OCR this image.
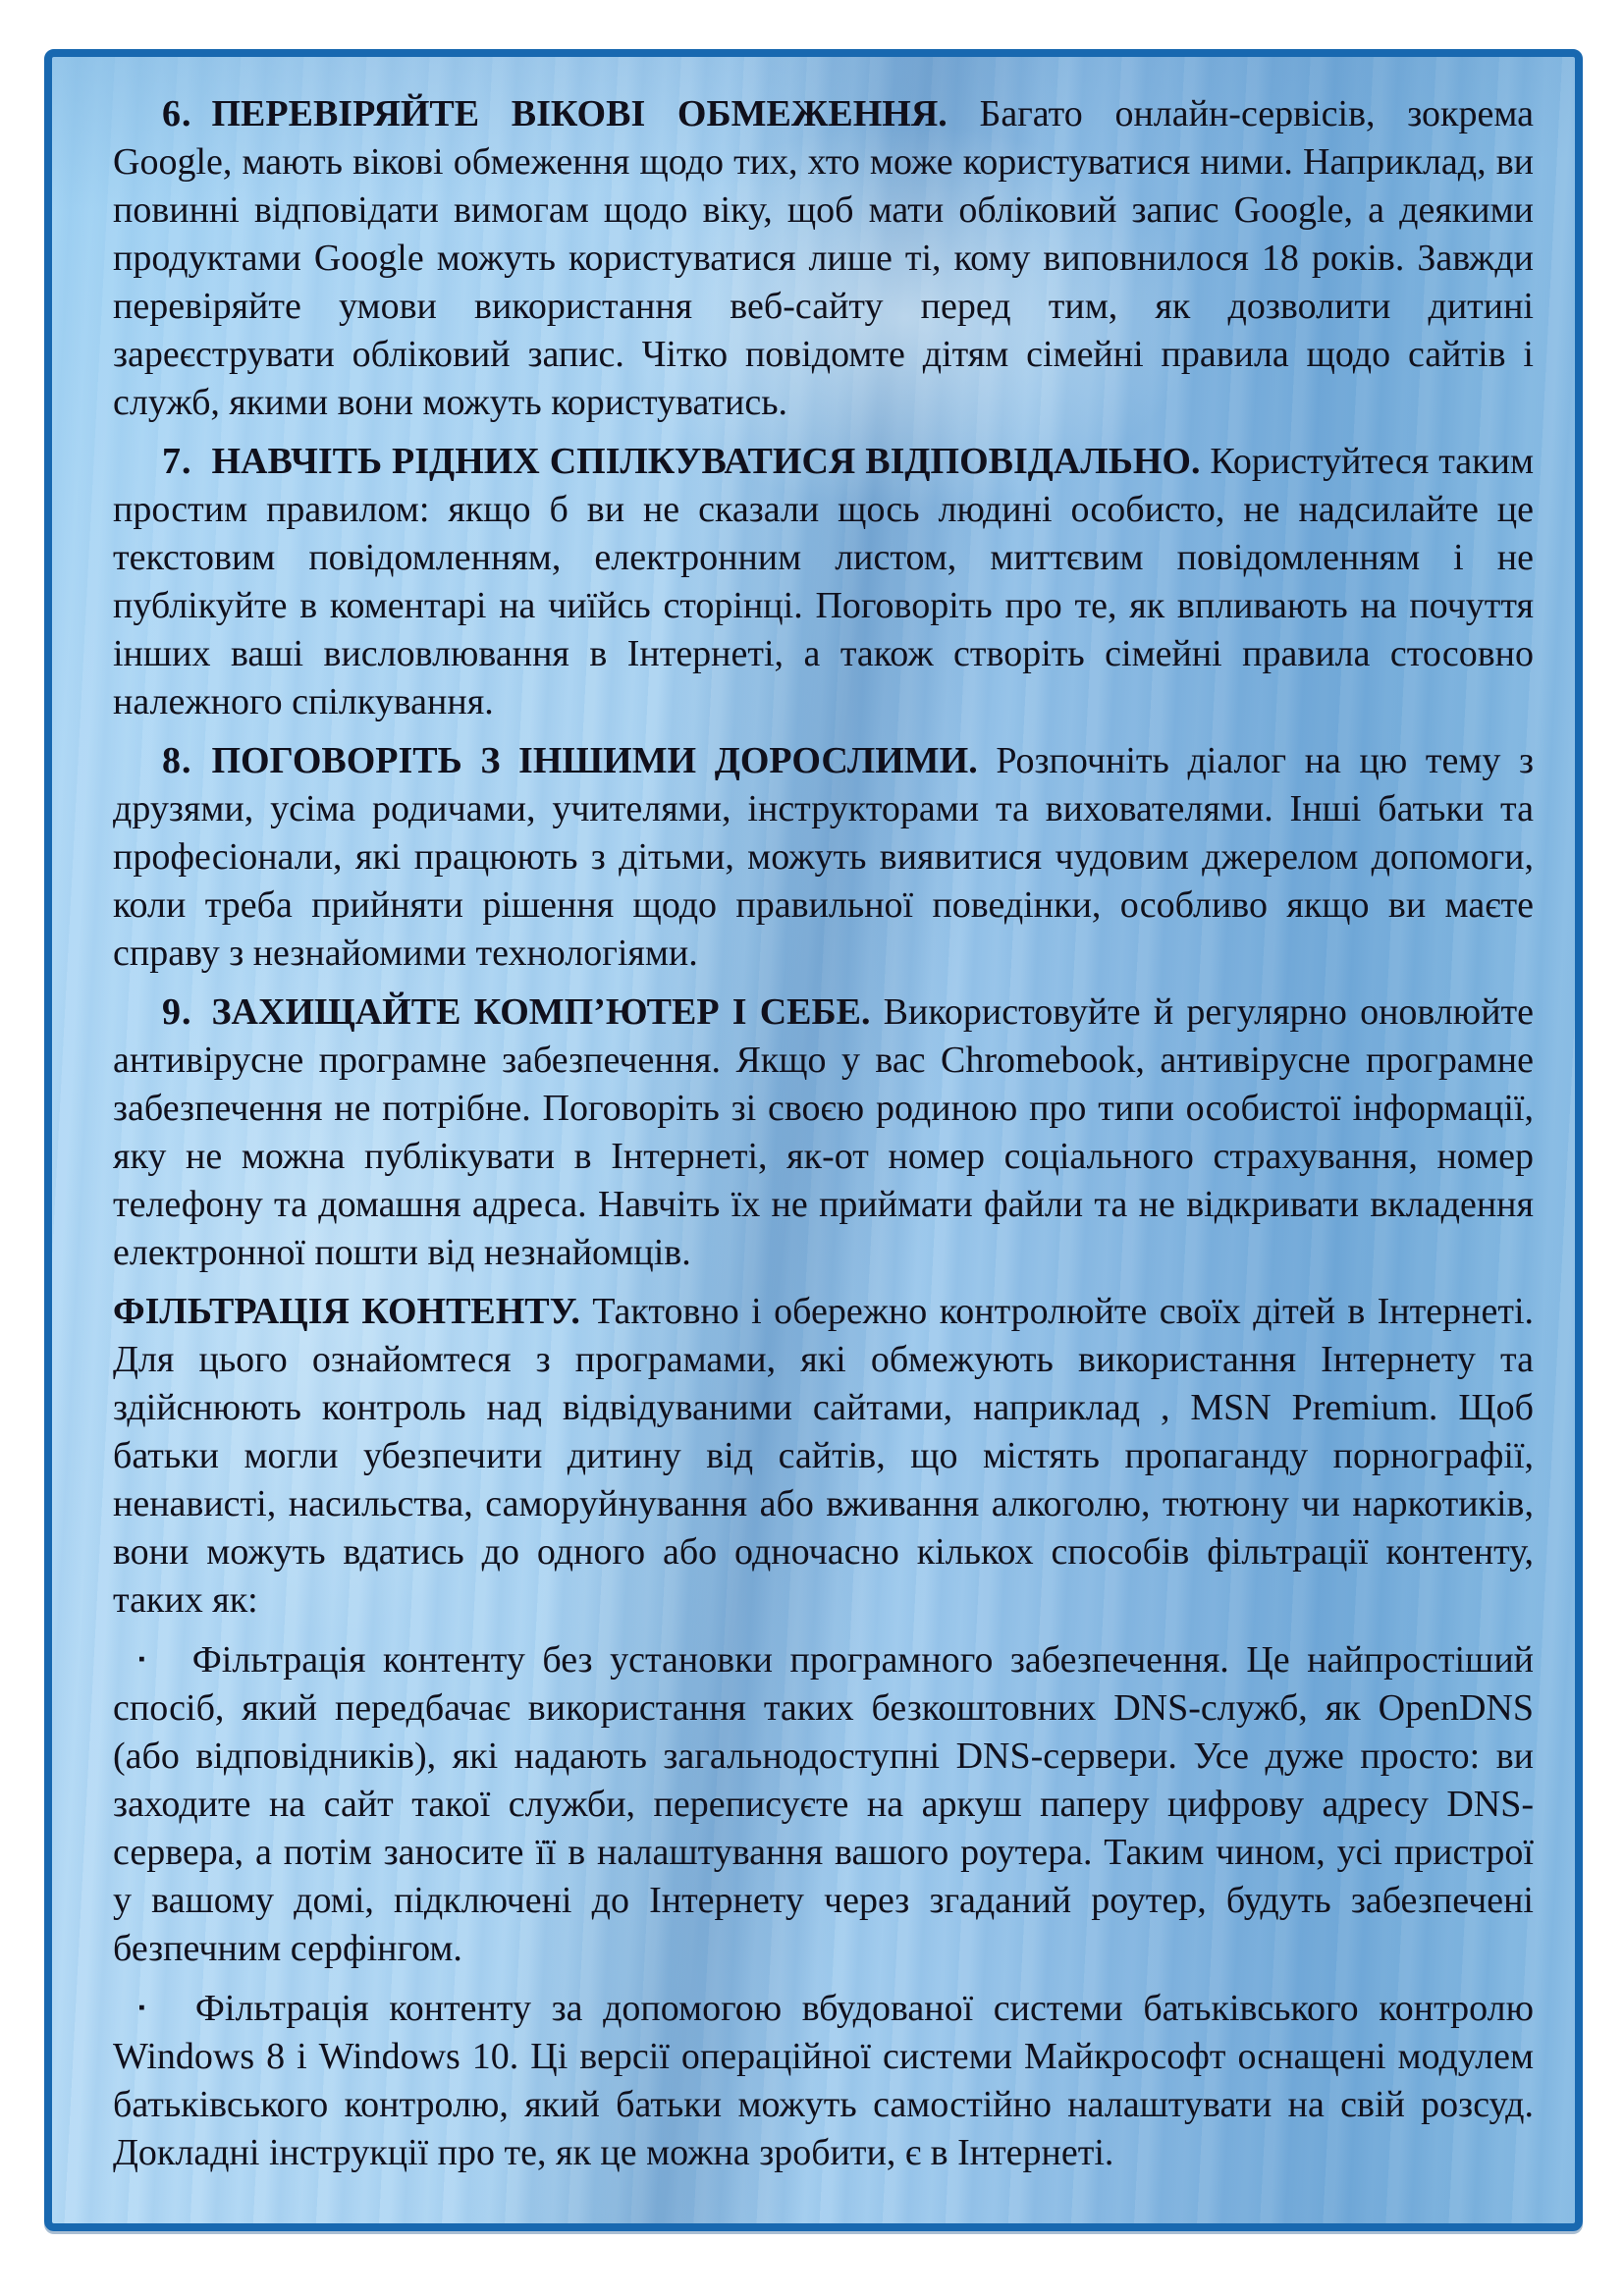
6. ПЕРЕВІРЯЙТЕ ВІКОВІ ОБМЕЖЕННЯ. Багато онлайн-сервісів, зокрема Google, мають вікові обмеження щодо тих, хто може користуватися ними. Наприклад, ви повинні відповідати вимогам щодо віку, щоб мати обліковий запис Google, а деякими продуктами Google можуть користуватися лише ті, кому виповнилося 18 років. Завжди перевіряйте умови використання веб-сайту перед тим, як дозволити дитині зареєструвати обліковий запис. Чітко повідомте дітям сімейні правила щодо сайтів і служб, якими вони можуть користуватись.

7. НАВЧІТЬ РІДНИХ СПІЛКУВАТИСЯ ВІДПОВІДАЛЬНО. Користуйтеся таким простим правилом: якщо б ви не сказали щось людині особисто, не надсилайте це текстовим повідомленням, електронним листом, миттєвим повідомленням і не публікуйте в коментарі на чиїйсь сторінці. Поговоріть про те, як впливають на почуття інших ваші висловлювання в Інтернеті, а також створіть сімейні правила стосовно належного спілкування.

8. ПОГОВОРІТЬ З ІНШИМИ ДОРОСЛИМИ. Розпочніть діалог на цю тему з друзями, усіма родичами, учителями, інструкторами та вихователями. Інші батьки та професіонали, які працюють з дітьми, можуть виявитися чудовим джерелом допомоги, коли треба прийняти рішення щодо правильної поведінки, особливо якщо ви маєте справу з незнайомими технологіями.

9. ЗАХИЩАЙТЕ КОМП’ЮТЕР І СЕБЕ. Використовуйте й регулярно оновлюйте антивірусне програмне забезпечення. Якщо у вас Chromebook, антивірусне програмне забезпечення не потрібне. Поговоріть зі своєю родиною про типи особистої інформації, яку не можна публікувати в Інтернеті, як-от номер соціального страхування, номер телефону та домашня адреса. Навчіть їх не приймати файли та не відкривати вкладення електронної пошти від незнайомців.

ФІЛЬТРАЦІЯ КОНТЕНТУ. Тактовно і обережно контролюйте своїх дітей в Інтернеті. Для цього ознайомтеся з програмами, які обмежують використання Інтернету та здійснюють контроль над відвідуваними сайтами, наприклад , MSN Premium. Щоб батьки могли убезпечити дитину від сайтів, що містять пропаганду порнографії, ненависті, насильства, саморуйнування або вживання алкоголю, тютюну чи наркотиків, вони можуть вдатись до одного або одночасно кількох способів фільтрації контенту, таких як:

▪ Фільтрація контенту без установки програмного забезпечення. Це найпростіший спосіб, який передбачає використання таких безкоштовних DNS-служб, як OpenDNS (або відповідників), які надають загальнодоступні DNS-сервери. Усе дуже просто: ви заходите на сайт такої служби, переписуєте на аркуш паперу цифрову адресу DNS-сервера, а потім заносите її в налаштування вашого роутера. Таким чином, усі пристрої у вашому домі, підключені до Інтернету через згаданий роутер, будуть забезпечені безпечним серфінгом.

▪ Фільтрація контенту за допомогою вбудованої системи батьківського контролю Windows 8 і Windows 10. Ці версії операційної системи Майкрософт оснащені модулем батьківського контролю, який батьки можуть самостійно налаштувати на свій розсуд. Докладні інструкції про те, як це можна зробити, є в Інтернеті.
